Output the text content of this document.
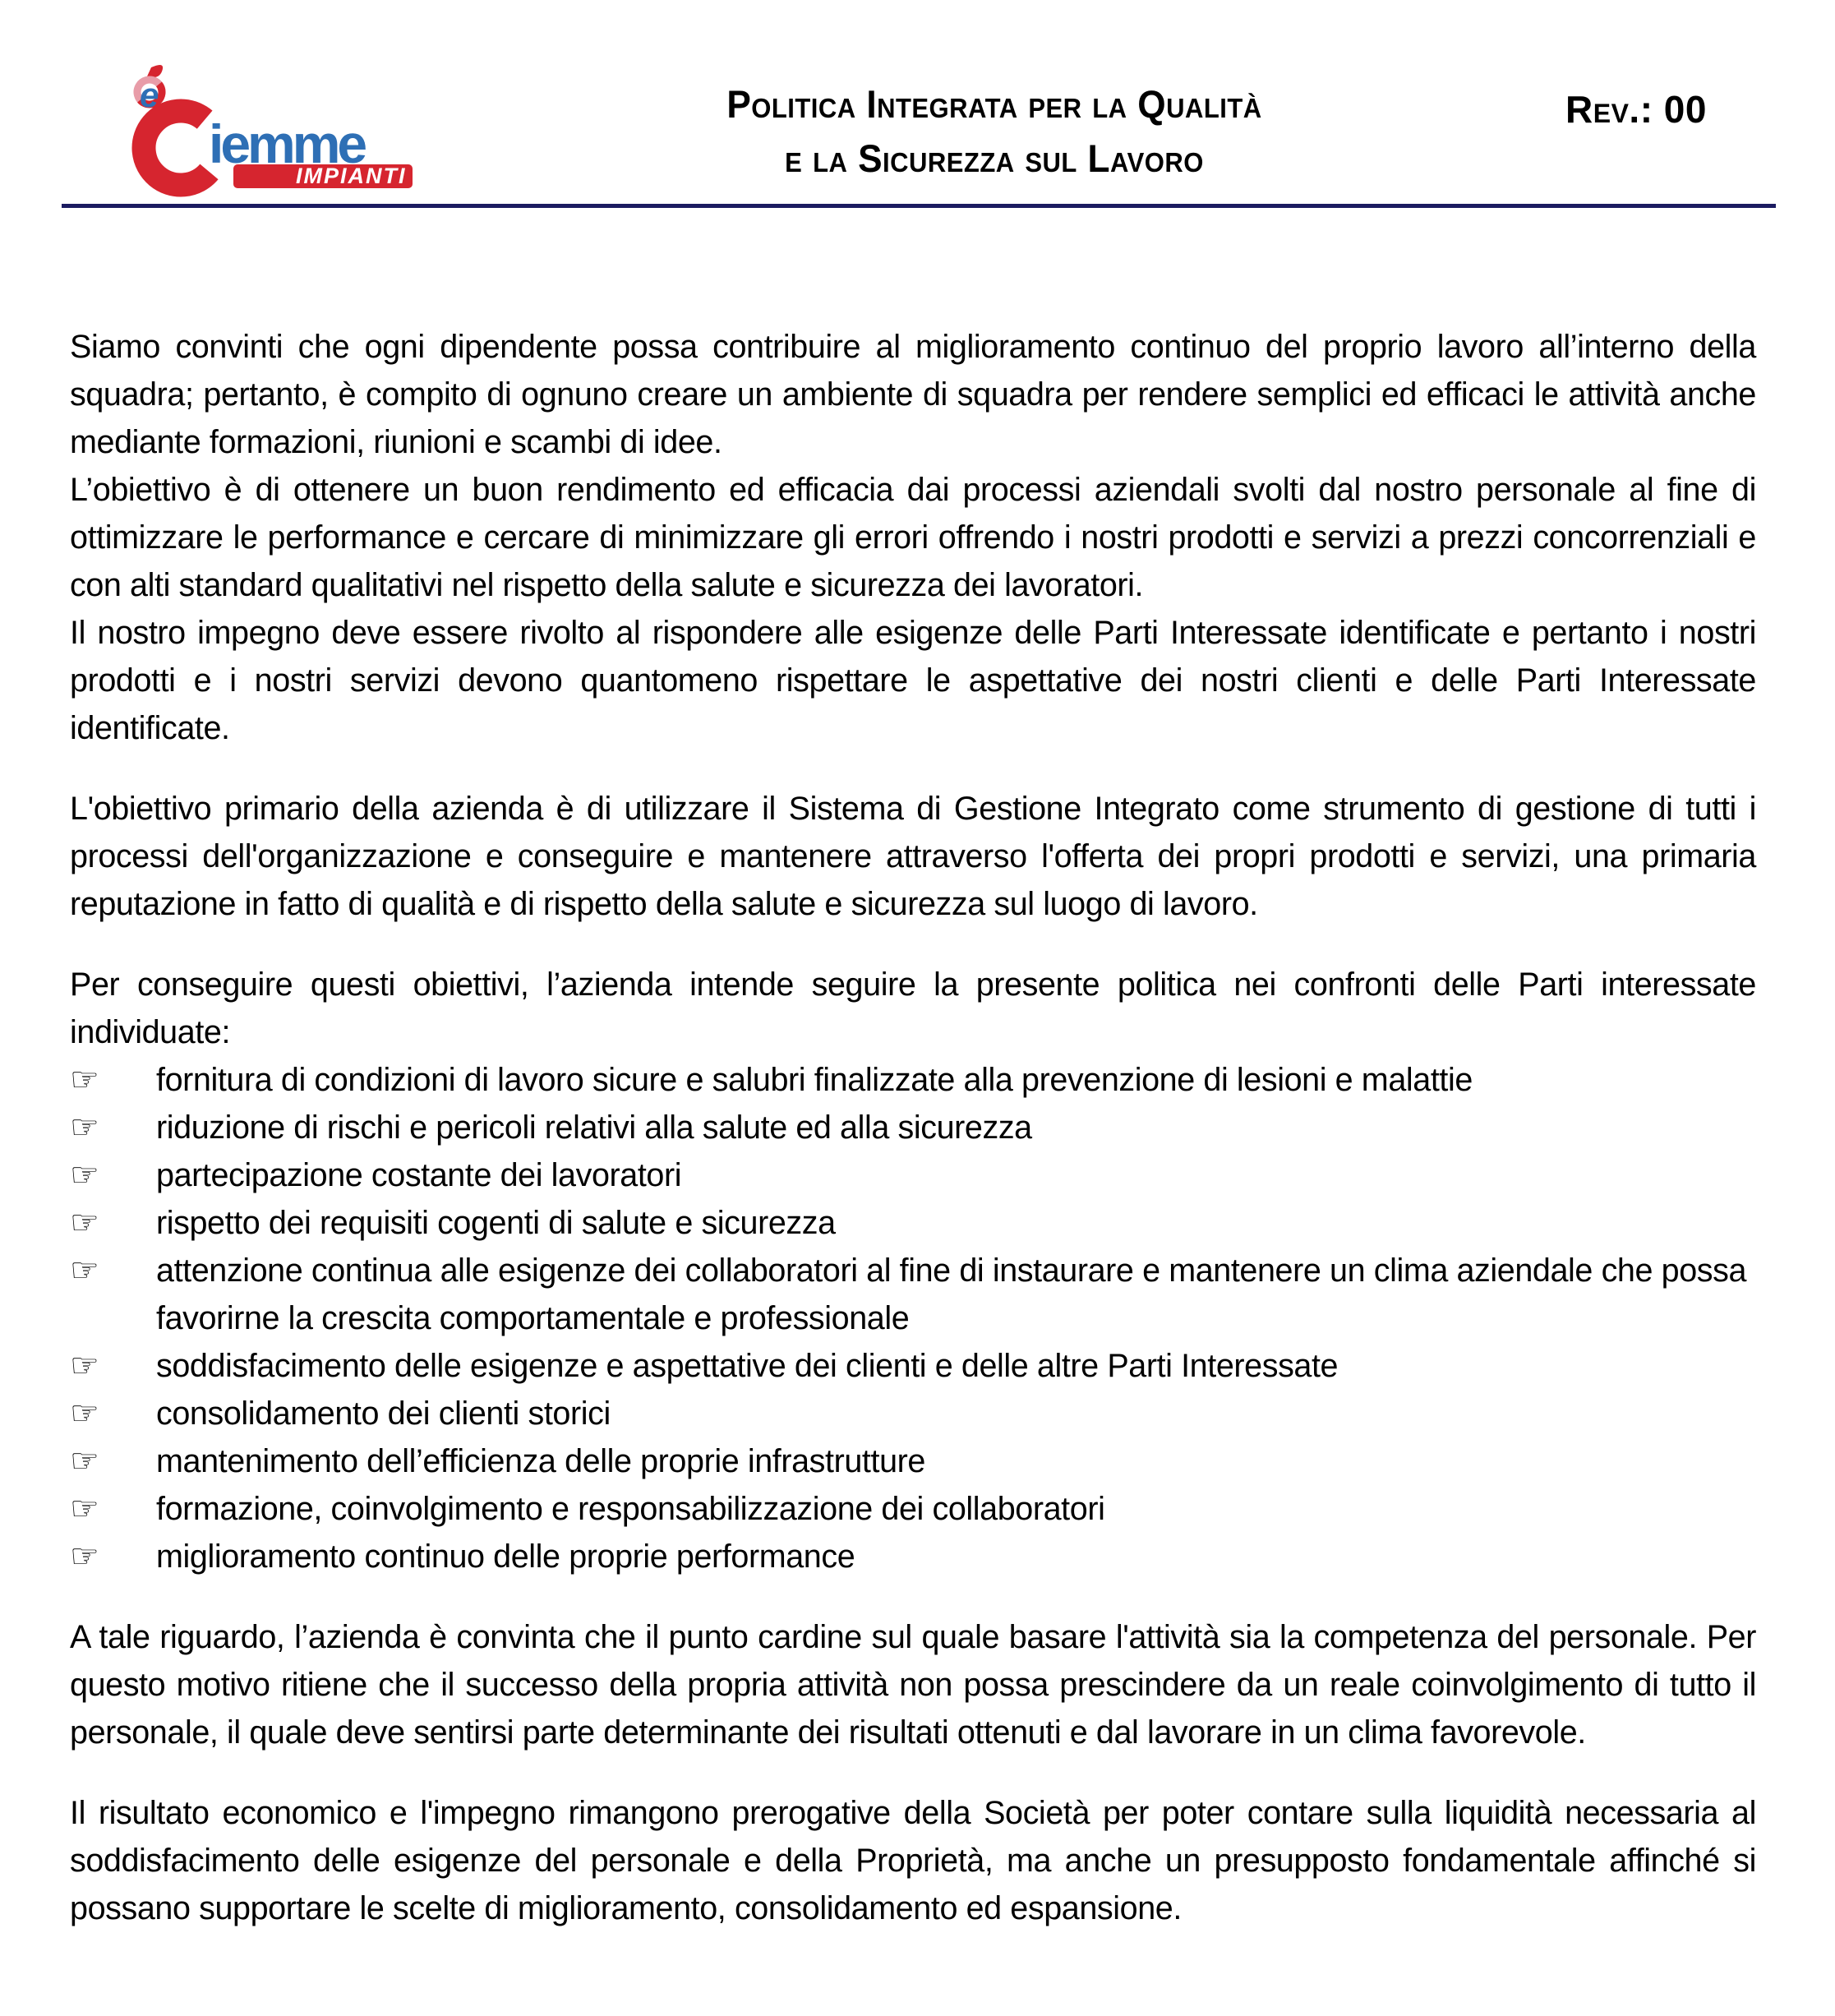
e
iemme
IMPIANTI
Politica Integrata per la Qualità
e la Sicurezza sul Lavoro
Rev.: 00

Siamo convinti che ogni dipendente possa contribuire al miglioramento continuo del proprio lavoro all’interno della squadra; pertanto, è compito di ognuno creare un ambiente di squadra per rendere semplici ed efficaci le attività anche mediante formazioni, riunioni e scambi di idee.

L’obiettivo è di ottenere un buon rendimento ed efficacia dai processi aziendali svolti dal nostro personale al fine di ottimizzare le performance e cercare di minimizzare gli errori offrendo i nostri prodotti e servizi a prezzi concorrenziali e con alti standard qualitativi nel rispetto della salute e sicurezza dei lavoratori.

Il nostro impegno deve essere rivolto al rispondere alle esigenze delle Parti Interessate identificate e pertanto i nostri prodotti e i nostri servizi devono quantomeno rispettare le aspettative dei nostri clienti e delle Parti Interessate identificate.

L'obiettivo primario della azienda è di utilizzare il Sistema di Gestione Integrato come strumento di gestione di tutti i processi dell'organizzazione e conseguire e mantenere attraverso l'offerta dei propri prodotti e servizi, una primaria reputazione in fatto di qualità e di rispetto della salute e sicurezza sul luogo di lavoro.

Per conseguire questi obiettivi, l’azienda intende seguire la presente politica nei confronti delle Parti interessate individuate:

☞	fornitura di condizioni di lavoro sicure e salubri finalizzate alla prevenzione di lesioni e malattie
☞	riduzione di rischi e pericoli relativi alla salute ed alla sicurezza
☞	partecipazione costante dei lavoratori
☞	rispetto dei requisiti cogenti di salute e sicurezza
☞	attenzione continua alle esigenze dei collaboratori al fine di instaurare e mantenere un clima aziendale che possa favorirne la crescita comportamentale e professionale
☞	soddisfacimento delle esigenze e aspettative dei clienti e delle altre Parti Interessate
☞	consolidamento dei clienti storici
☞	mantenimento dell’efficienza delle proprie infrastrutture
☞	formazione, coinvolgimento e responsabilizzazione dei collaboratori
☞	miglioramento continuo delle proprie performance

A tale riguardo, l’azienda è convinta che il punto cardine sul quale basare l'attività sia la competenza del personale. Per questo motivo ritiene che il successo della propria attività non possa prescindere da un reale coinvolgimento di tutto il personale, il quale deve sentirsi parte determinante dei risultati ottenuti e dal lavorare in un clima favorevole.

Il risultato economico e l'impegno rimangono prerogative della Società per poter contare sulla liquidità necessaria al soddisfacimento delle esigenze del personale e della Proprietà, ma anche un presupposto fondamentale affinché si possano supportare le scelte di miglioramento, consolidamento ed espansione.
